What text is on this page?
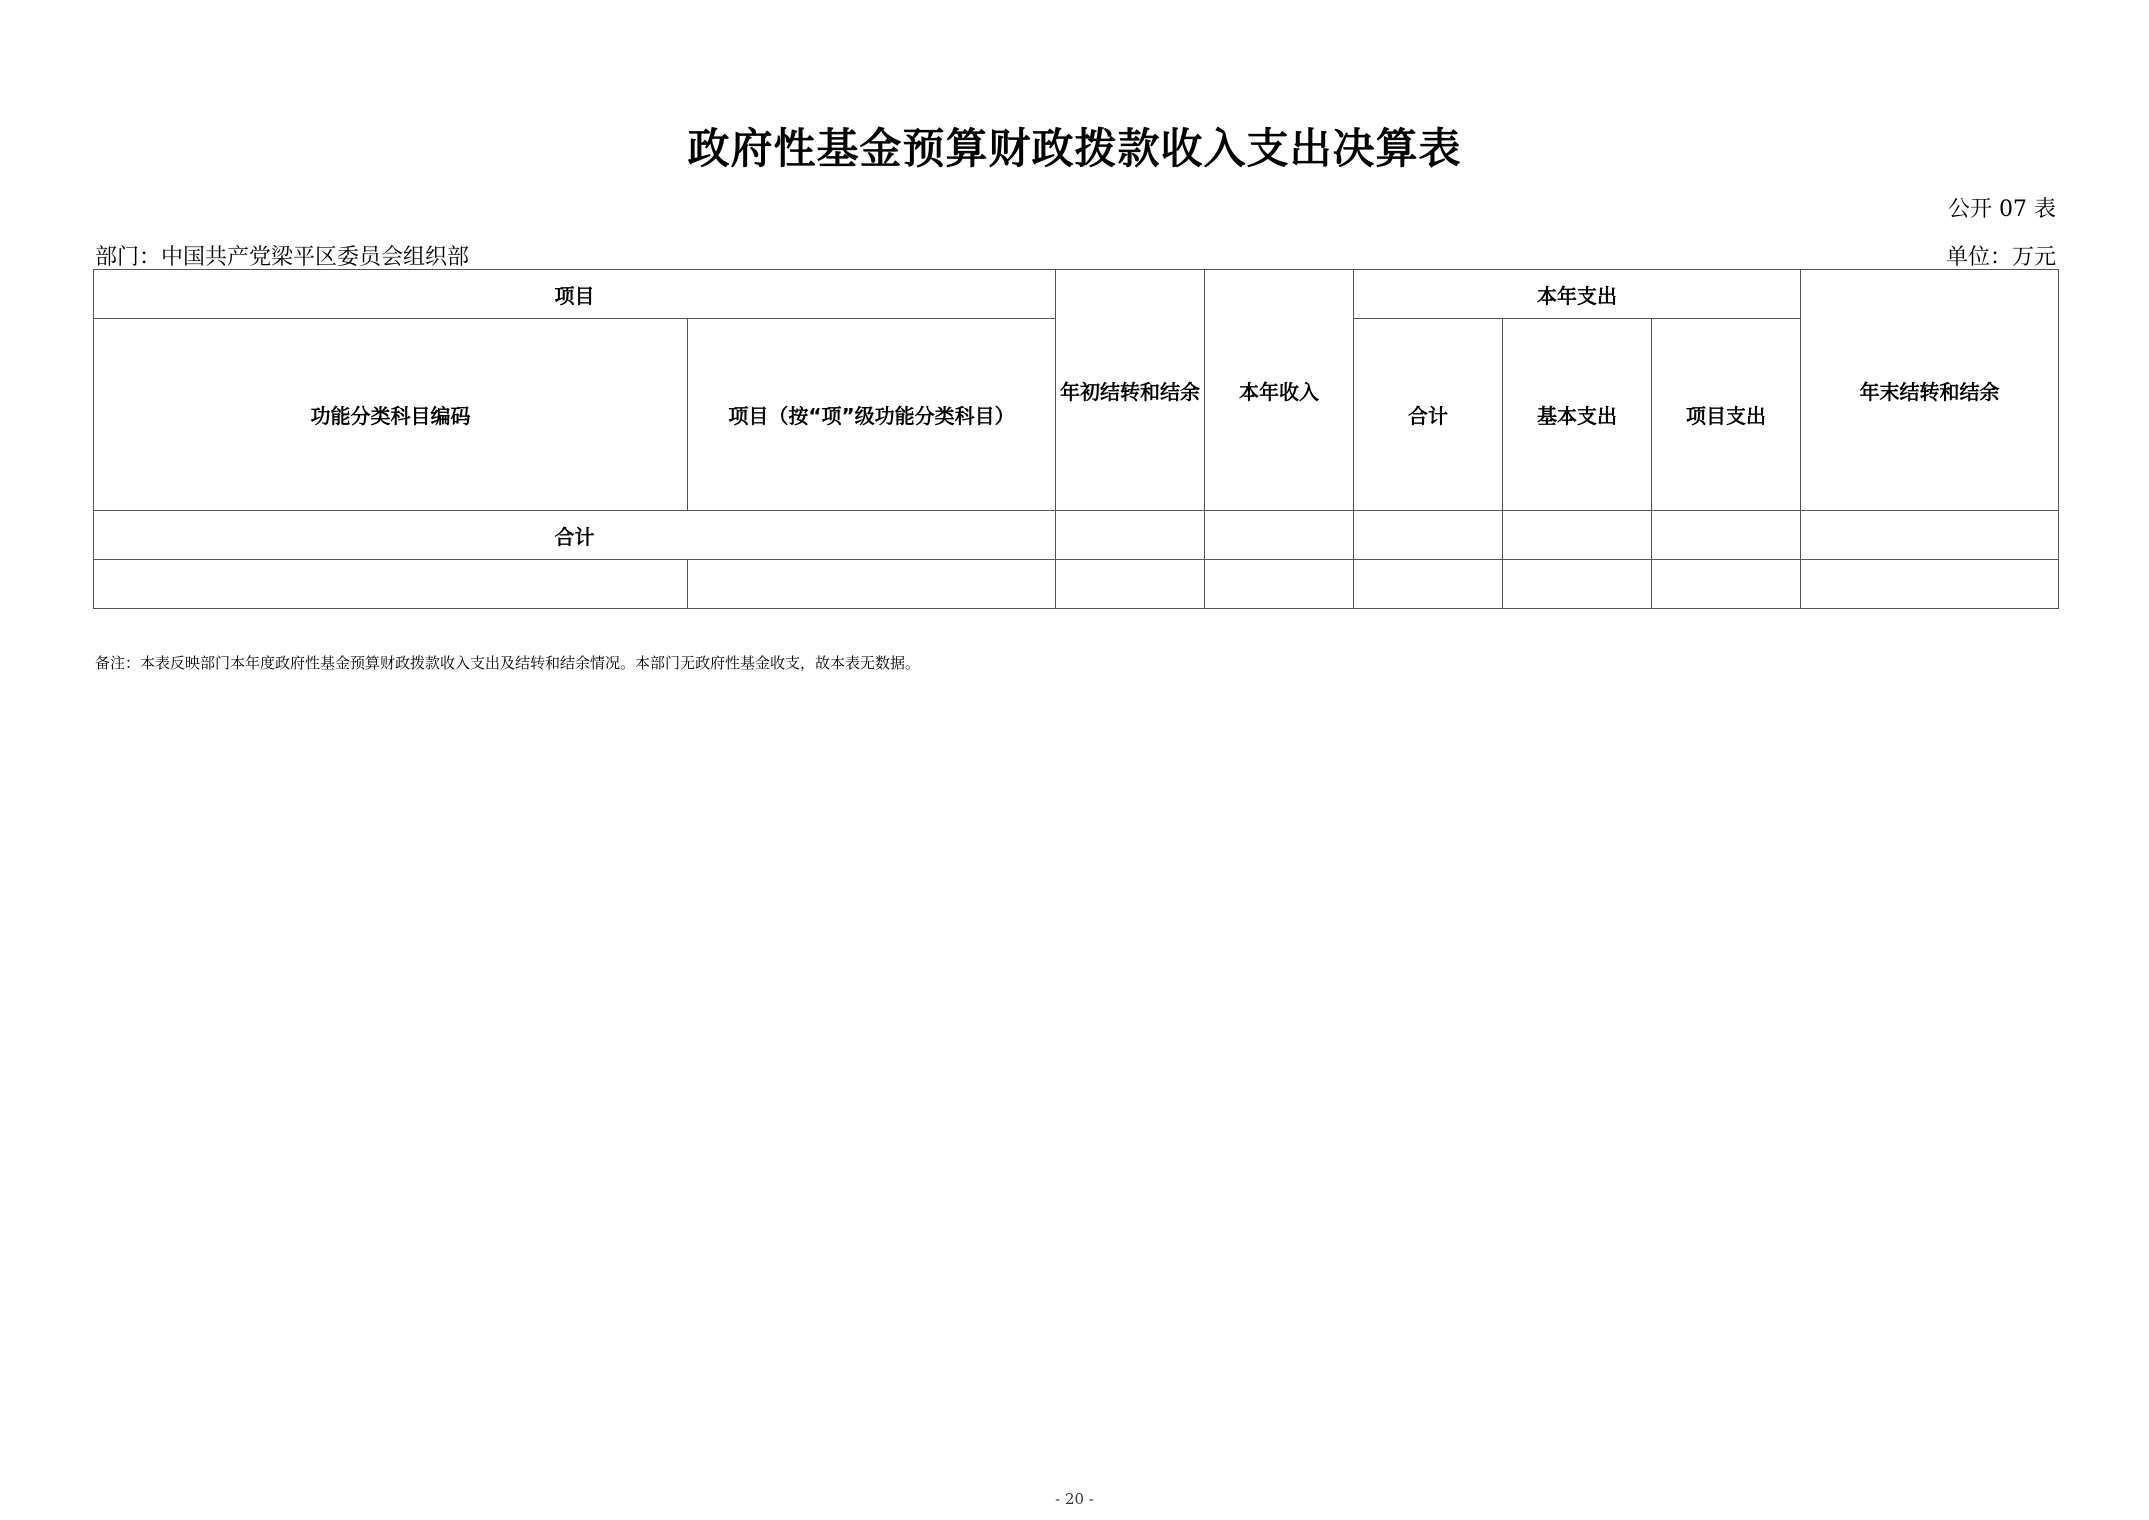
政府性基金预算财政拨款收入支出决算表
公开 07 表
部门：中国共产党梁平区委员会组织部	单位：万元
项目		年初结转和结余	本年收入	本年支出			年末结转和结余
功能分类科目编码	项目（按“项”级功能分类科目）			合计	基本支出	项目支出	
合计							

备注：本表反映部门本年度政府性基金预算财政拨款收入支出及结转和结余情况。本部门无政府性基金收支，故本表无数据。
- 20 -
